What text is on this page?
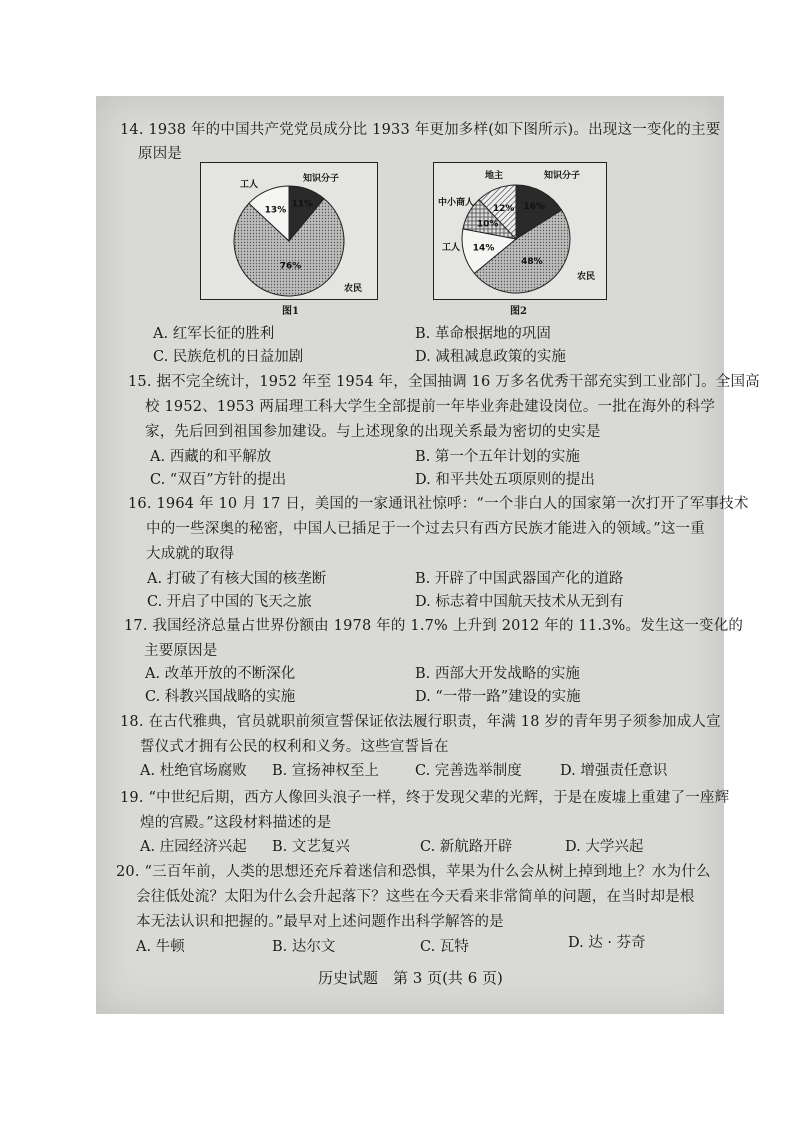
14. 1938 年的中国共产党党员成分比 1933 年更加多样(如下图所示)。出现这一变化的主要
原因是
11%
知识分子
76%
农民
13%
工人
图1
16%
知识分子
48%
农民
14%
工人
10%
中小商人
12%
地主
图2
A. 红军长征的胜利	B. 革命根据地的巩固
C. 民族危机的日益加剧	D. 减租减息政策的实施
15. 据不完全统计，1952 年至 1954 年，全国抽调 16 万多名优秀干部充实到工业部门。全国高
校 1952、1953 两届理工科大学生全部提前一年毕业奔赴建设岗位。一批在海外的科学
家，先后回到祖国参加建设。与上述现象的出现关系最为密切的史实是
A. 西藏的和平解放	B. 第一个五年计划的实施
C. “双百”方针的提出	D. 和平共处五项原则的提出
16. 1964 年 10 月 17 日，美国的一家通讯社惊呼：“一个非白人的国家第一次打开了军事技术
中的一些深奥的秘密，中国人已插足于一个过去只有西方民族才能进入的领域。”这一重
大成就的取得
A. 打破了有核大国的核垄断	B. 开辟了中国武器国产化的道路
C. 开启了中国的飞天之旅	D. 标志着中国航天技术从无到有
17. 我国经济总量占世界份额由 1978 年的 1.7% 上升到 2012 年的 11.3%。发生这一变化的
主要原因是
A. 改革开放的不断深化	B. 西部大开发战略的实施
C. 科教兴国战略的实施	D. “一带一路”建设的实施
18. 在古代雅典，官员就职前须宣誓保证依法履行职责，年满 18 岁的青年男子须参加成人宣
誓仪式才拥有公民的权利和义务。这些宣誓旨在
A. 杜绝官场腐败 B. 宣扬神权至上 C. 完善选举制度	D. 增强责任意识
19. “中世纪后期，西方人像回头浪子一样，终于发现父辈的光辉，于是在废墟上重建了一座辉
煌的宫殿。”这段材料描述的是
A. 庄园经济兴起 B. 文艺复兴	C. 新航路开辟	D. 大学兴起
20. “三百年前，人类的思想还充斥着迷信和恐惧，苹果为什么会从树上掉到地上？水为什么
会往低处流？太阳为什么会升起落下？这些在今天看来非常简单的问题，在当时却是根
本无法认识和把握的。”最早对上述问题作出科学解答的是
A. 牛顿	B. 达尔文	C. 瓦特	D. 达 · 芬奇
历史试题　第 3 页(共 6 页)
